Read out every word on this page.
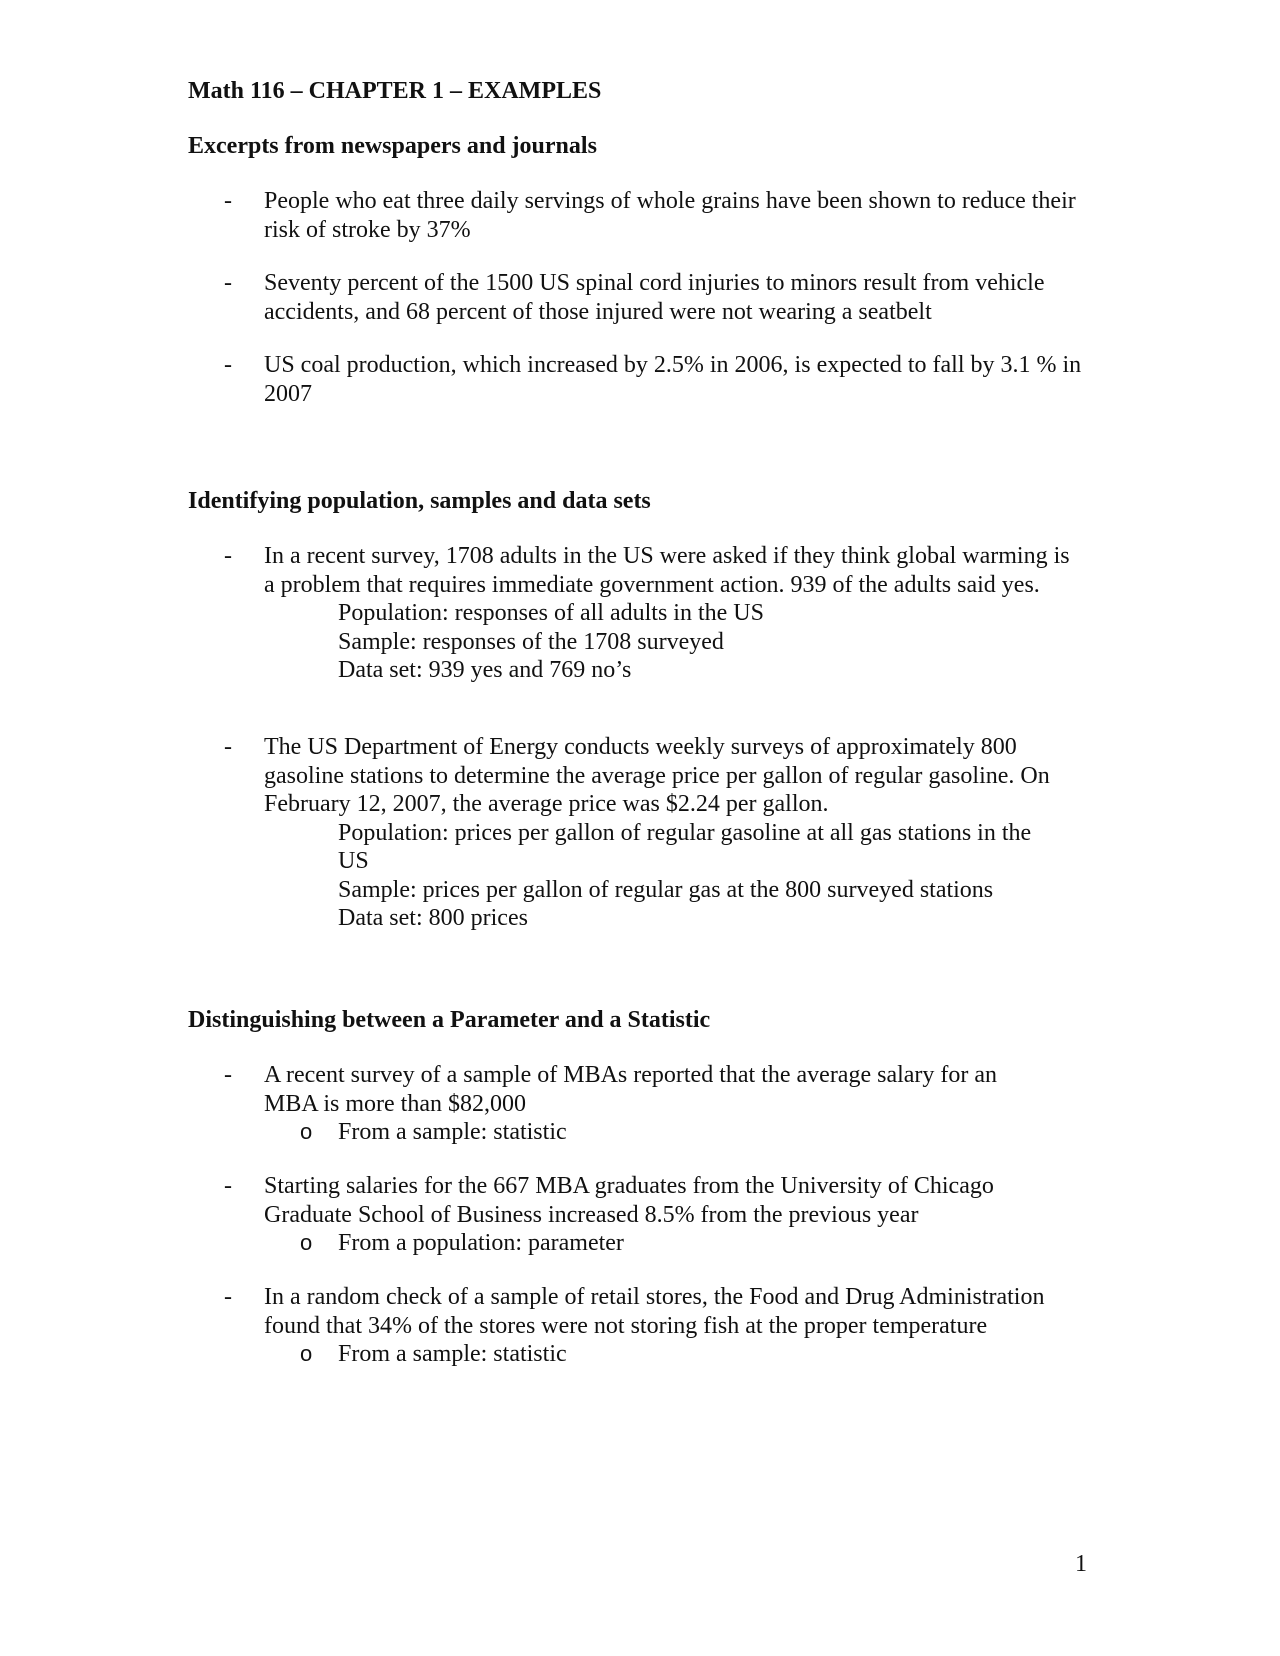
Math 116 – CHAPTER 1 – EXAMPLES
Excerpts from newspapers and journals
- People who eat three daily servings of whole grains have been shown to reduce their risk of stroke by 37%
- Seventy percent of the 1500 US spinal cord injuries to minors result from vehicle accidents, and 68 percent of those injured were not wearing a seatbelt
- US coal production, which increased by 2.5% in 2006, is expected to fall by 3.1 % in 2007
Identifying population, samples and data sets
- In a recent survey, 1708 adults in the US were asked if they think global warming is a problem that requires immediate government action. 939 of the adults said yes.
Population: responses of all adults in the US
Sample: responses of the 1708 surveyed
Data set: 939 yes and 769 no’s
- The US Department of Energy conducts weekly surveys of approximately 800 gasoline stations to determine the average price per gallon of regular gasoline. On February 12, 2007, the average price was $2.24 per gallon.
Population: prices per gallon of regular gasoline at all gas stations in the US
Sample: prices per gallon of regular gas at the 800 surveyed stations
Data set: 800 prices
Distinguishing between a Parameter and a Statistic
- A recent survey of a sample of MBAs reported that the average salary for an MBA is more than $82,000
o From a sample: statistic
- Starting salaries for the 667 MBA graduates from the University of Chicago Graduate School of Business increased 8.5% from the previous year
o From a population: parameter
- In a random check of a sample of retail stores, the Food and Drug Administration found that 34% of the stores were not storing fish at the proper temperature
o From a sample: statistic
1
